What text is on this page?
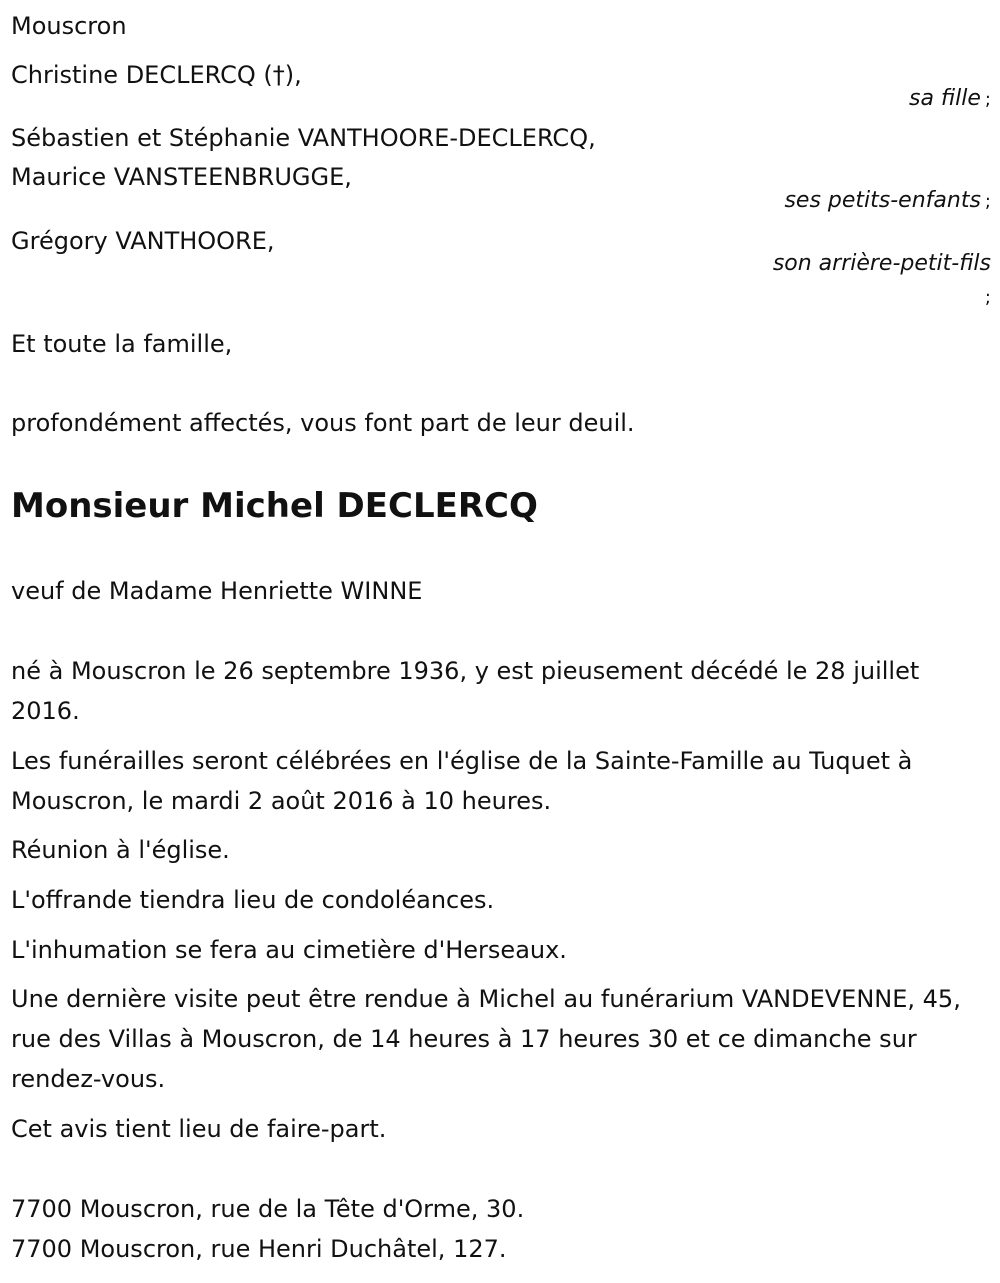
Mouscron
Christine DECLERCQ (†),
sa fille ;
Sébastien et Stéphanie VANTHOORE-DECLERCQ,
Maurice VANSTEENBRUGGE,
ses petits-enfants ;
Grégory VANTHOORE,
son arrière-petit-fils
;
Et toute la famille,
profondément affectés, vous font part de leur deuil.
Monsieur Michel DECLERCQ
veuf de Madame Henriette WINNE
né à Mouscron le 26 septembre 1936, y est pieusement décédé le 28 juillet 2016.
Les funérailles seront célébrées en l'église de la Sainte-Famille au Tuquet à Mouscron, le mardi 2 août 2016 à 10 heures.
Réunion à l'église.
L'offrande tiendra lieu de condoléances.
L'inhumation se fera au cimetière d'Herseaux.
Une dernière visite peut être rendue à Michel au funérarium VANDEVENNE, 45, rue des Villas à Mouscron, de 14 heures à 17 heures 30 et ce dimanche sur rendez-vous.
Cet avis tient lieu de faire-part.
7700 Mouscron, rue de la Tête d'Orme, 30.
7700 Mouscron, rue Henri Duchâtel, 127.
